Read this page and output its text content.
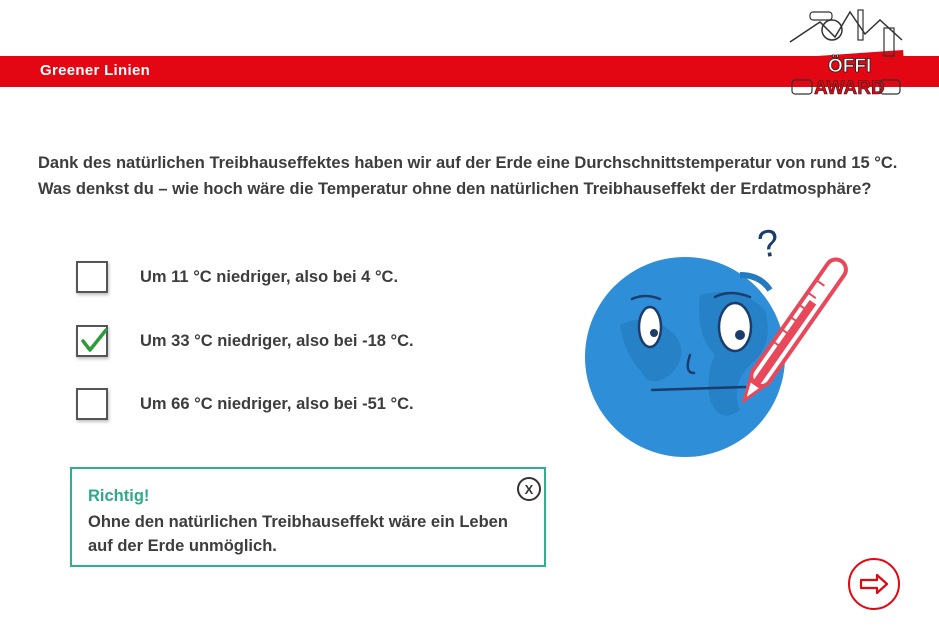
Greener Linien	ÖFFI
AWARD
Dank des natürlichen Treibhauseffektes haben wir auf der Erde eine Durchschnittstemperatur von rund 15 °C.
Was denkst du – wie hoch wäre die Temperatur ohne den natürlichen Treibhauseffekt der Erdatmosphäre?
Um 11 °C niedriger, also bei 4 °C.
Um 33 °C niedriger, also bei -18 °C.
Um 66 °C niedriger, also bei -51 °C.
Richtig!
Ohne den natürlichen Treibhauseffekt wäre ein Leben auf der Erde unmöglich.
X
?
